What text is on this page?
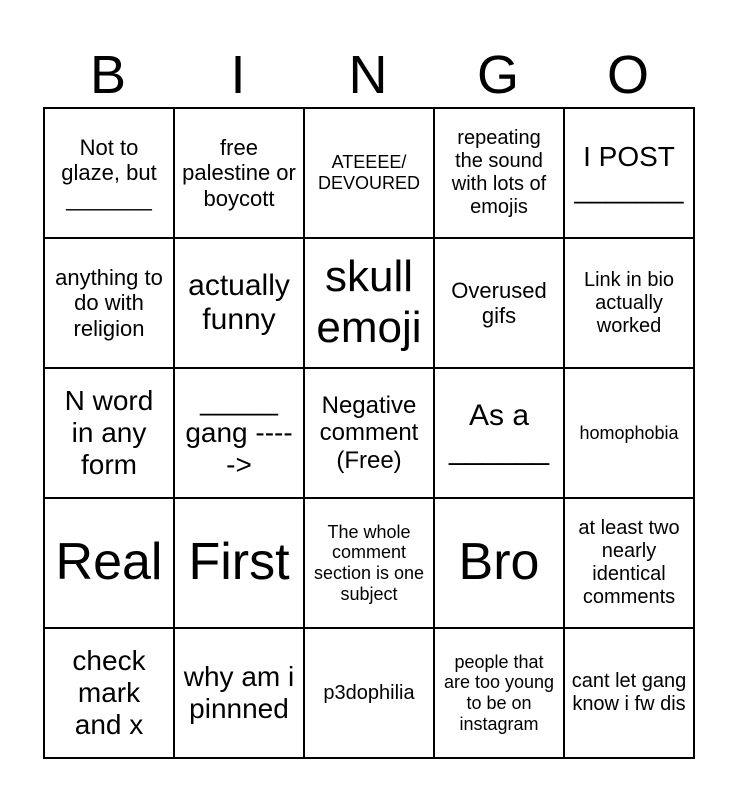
B	I	N	G	O
Not to glaze, but _______	free palestine or boycott	ATEEEE/ DEVOURED	repeating the sound with lots of emojis	I POST _______
anything to do with religion	actually funny	skull emoji	Overused gifs	Link in bio actually worked
N word in any form	_____ gang ----->	Negative comment (Free)	As a ______	homophobia
Real	First	The whole comment section is one subject	Bro	at least two nearly identical comments
check mark and x	why am i pinnned	p3dophilia	people that are too young to be on instagram	cant let gang know i fw dis
